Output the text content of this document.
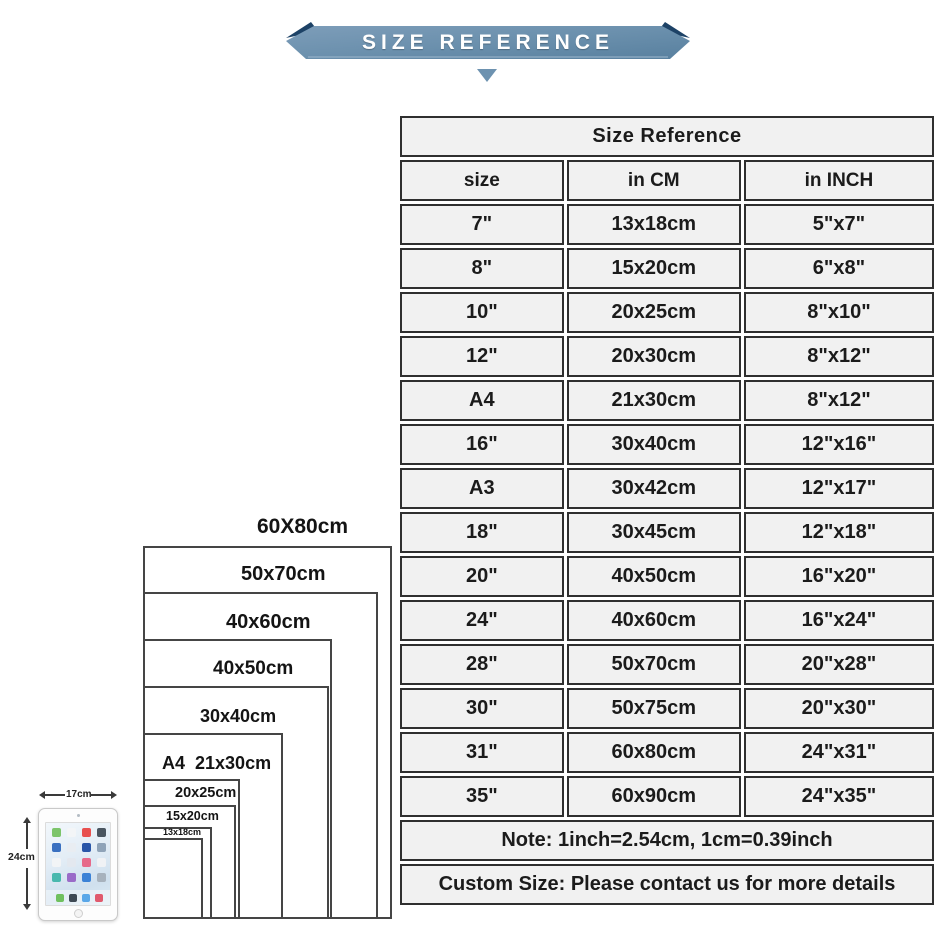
SIZE REFERENCE
Size Reference		
size	in CM	in INCH
7"	13x18cm	5"x7"
8"	15x20cm	6"x8"
10"	20x25cm	8"x10"
12"	20x30cm	8"x12"
A4	21x30cm	8"x12"
16"	30x40cm	12"x16"
A3	30x42cm	12"x17"
18"	30x45cm	12"x18"
20"	40x50cm	16"x20"
24"	40x60cm	16"x24"
28"	50x70cm	20"x28"
30"	50x75cm	20"x30"
31"	60x80cm	24"x31"
35"	60x90cm	24"x35"
Note: 1inch=2.54cm, 1cm=0.39inch		
Custom Size: Please contact us for more details		
60X80cm
50x70cm
40x60cm
40x50cm
30x40cm
A4  21x30cm
20x25cm
15x20cm
13x18cm
17cm
24cm
